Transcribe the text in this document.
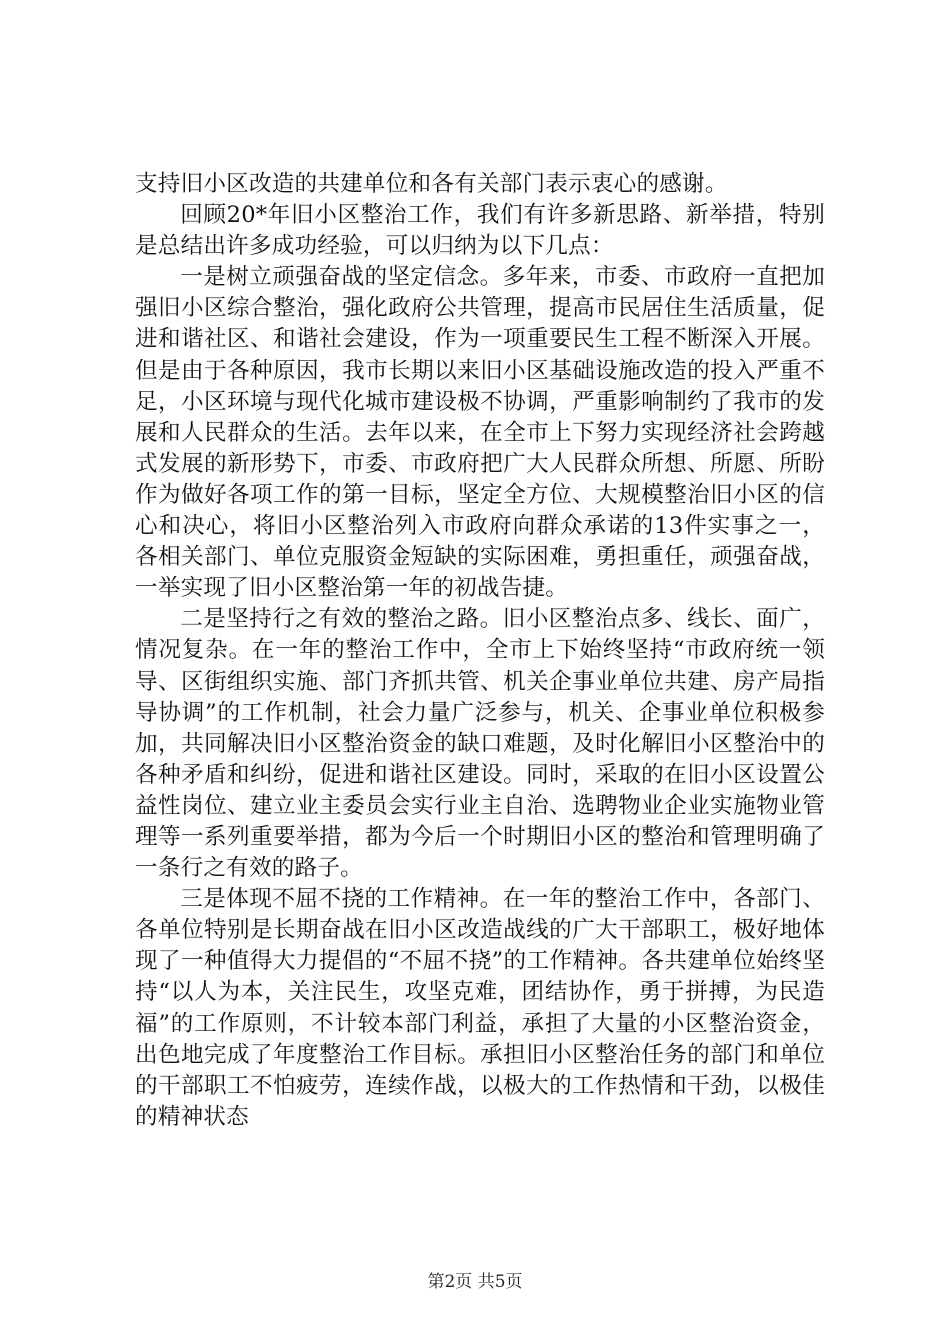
支持旧小区改造的共建单位和各有关部门表示衷心的感谢。

回顾20*年旧小区整治工作，我们有许多新思路、新举措，特别是总结出许多成功经验，可以归纳为以下几点：

一是树立顽强奋战的坚定信念。多年来，市委、市政府一直把加强旧小区综合整治，强化政府公共管理，提高市民居住生活质量，促进和谐社区、和谐社会建设，作为一项重要民生工程不断深入开展。但是由于各种原因，我市长期以来旧小区基础设施改造的投入严重不足，小区环境与现代化城市建设极不协调，严重影响制约了我市的发展和人民群众的生活。去年以来，在全市上下努力实现经济社会跨越式发展的新形势下，市委、市政府把广大人民群众所想、所愿、所盼作为做好各项工作的第一目标，坚定全方位、大规模整治旧小区的信心和决心，将旧小区整治列入市政府向群众承诺的13件实事之一，各相关部门、单位克服资金短缺的实际困难，勇担重任，顽强奋战，一举实现了旧小区整治第一年的初战告捷。

二是坚持行之有效的整治之路。旧小区整治点多、线长、面广，情况复杂。在一年的整治工作中，全市上下始终坚持“市政府统一领导、区街组织实施、部门齐抓共管、机关企事业单位共建、房产局指导协调”的工作机制，社会力量广泛参与，机关、企事业单位积极参加，共同解决旧小区整治资金的缺口难题，及时化解旧小区整治中的各种矛盾和纠纷，促进和谐社区建设。同时，采取的在旧小区设置公益性岗位、建立业主委员会实行业主自治、选聘物业企业实施物业管理等一系列重要举措，都为今后一个时期旧小区的整治和管理明确了一条行之有效的路子。

三是体现不屈不挠的工作精神。在一年的整治工作中，各部门、各单位特别是长期奋战在旧小区改造战线的广大干部职工，极好地体现了一种值得大力提倡的“不屈不挠”的工作精神。各共建单位始终坚持“以人为本，关注民生，攻坚克难，团结协作，勇于拼搏，为民造福”的工作原则，不计较本部门利益，承担了大量的小区整治资金，出色地完成了年度整治工作目标。承担旧小区整治任务的部门和单位的干部职工不怕疲劳，连续作战，以极大的工作热情和干劲，以极佳的精神状态

第2页 共5页
